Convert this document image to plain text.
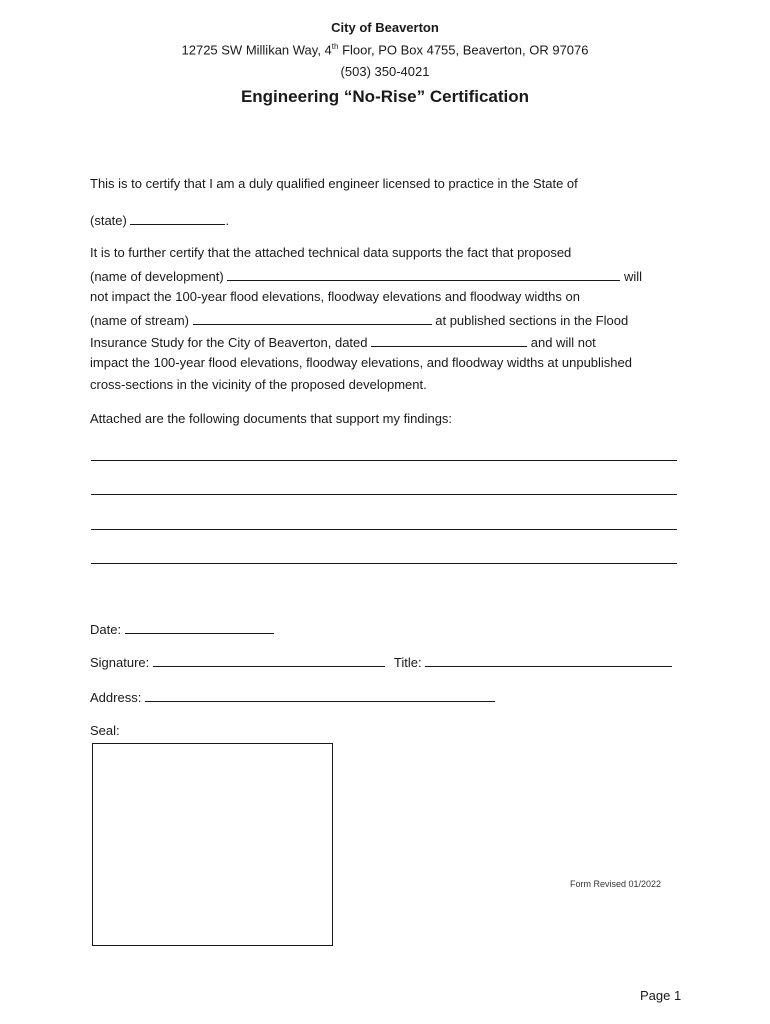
City of Beaverton
12725 SW Millikan Way, 4th Floor, PO Box 4755, Beaverton, OR 97076
(503) 350-4021
Engineering “No-Rise” Certification
This is to certify that I am a duly qualified engineer licensed to practice in the State of
(state)	.
It is to further certify that the attached technical data supports the fact that proposed
(name of development)	will
not impact the 100-year flood elevations, floodway elevations and floodway widths on
(name of stream)	at published sections in the Flood
Insurance Study for the City of Beaverton, dated	and will not
impact the 100-year flood elevations, floodway elevations, and floodway widths at unpublished
cross-sections in the vicinity of the proposed development.
Attached are the following documents that support my findings:
Date:
Signature:	Title:
Address:
Seal:
Form Revised 01/2022
Page 1
